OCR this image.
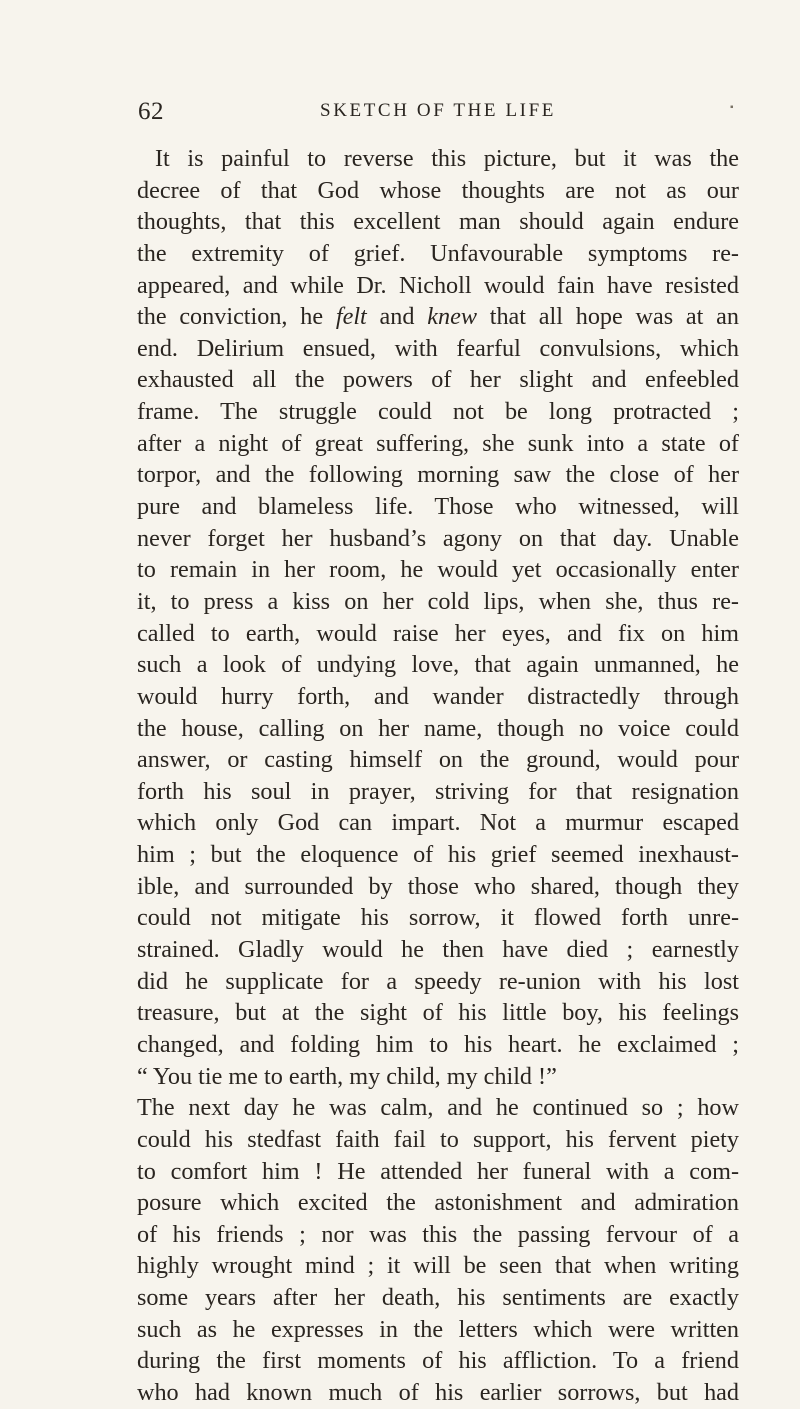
62	SKETCH OF THE LIFE	▪
It is painful to reverse this picture, but it was the
decree of that God whose thoughts are not as our
thoughts, that this excellent man should again endure
the extremity of grief. Unfavourable symptoms re-
appeared, and while Dr. Nicholl would fain have resisted
the conviction, he felt and knew that all hope was at an
end. Delirium ensued, with fearful convulsions, which
exhausted all the powers of her slight and enfeebled
frame. The struggle could not be long protracted ;
after a night of great suffering, she sunk into a state of
torpor, and the following morning saw the close of her
pure and blameless life. Those who witnessed, will
never forget her husband’s agony on that day. Unable
to remain in her room, he would yet occasionally enter
it, to press a kiss on her cold lips, when she, thus re-
called to earth, would raise her eyes, and fix on him
such a look of undying love, that again unmanned, he
would hurry forth, and wander distractedly through
the house, calling on her name, though no voice could
answer, or casting himself on the ground, would pour
forth his soul in prayer, striving for that resignation
which only God can impart. Not a murmur escaped
him ; but the eloquence of his grief seemed inexhaust-
ible, and surrounded by those who shared, though they
could not mitigate his sorrow, it flowed forth unre-
strained. Gladly would he then have died ; earnestly
did he supplicate for a speedy re-union with his lost
treasure, but at the sight of his little boy, his feelings
changed, and folding him to his heart. he exclaimed ;
“ You tie me to earth, my child, my child !”
The next day he was calm, and he continued so ; how
could his stedfast faith fail to support, his fervent piety
to comfort him ! He attended her funeral with a com-
posure which excited the astonishment and admiration
of his friends ; nor was this the passing fervour of a
highly wrought mind ; it will be seen that when writing
some years after her death, his sentiments are exactly
such as he expresses in the letters which were written
during the first moments of his affliction. To a friend
who had known much of his earlier sorrows, but had
